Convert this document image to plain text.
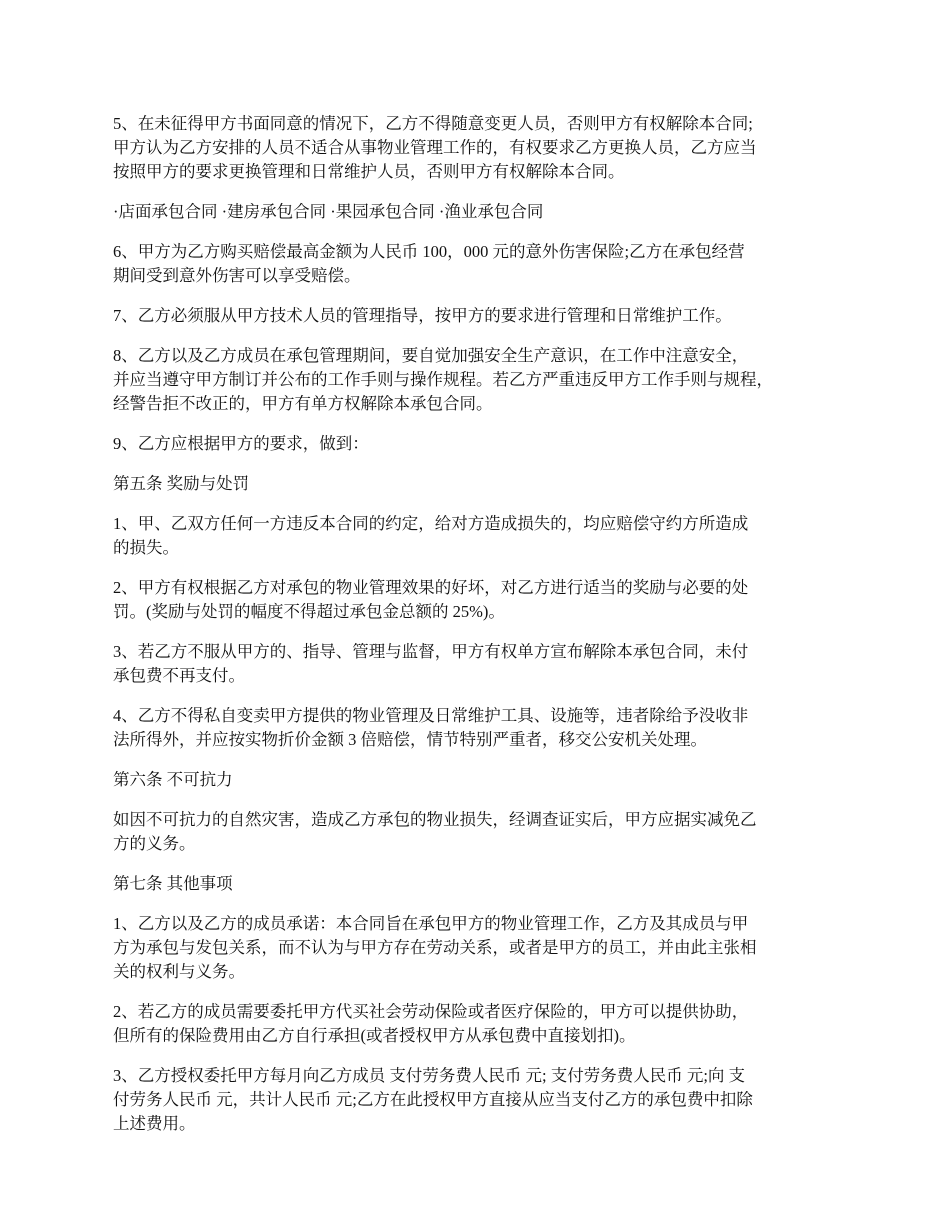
5、在未征得甲方书面同意的情况下，乙方不得随意变更人员，否则甲方有权解除本合同;
甲方认为乙方安排的人员不适合从事物业管理工作的，有权要求乙方更换人员，乙方应当
按照甲方的要求更换管理和日常维护人员，否则甲方有权解除本合同。

·店面承包合同 ·建房承包合同 ·果园承包合同 ·渔业承包合同

6、甲方为乙方购买赔偿最高金额为人民币 100，000 元的意外伤害保险;乙方在承包经营
期间受到意外伤害可以享受赔偿。

7、乙方必须服从甲方技术人员的管理指导，按甲方的要求进行管理和日常维护工作。

8、乙方以及乙方成员在承包管理期间，要自觉加强安全生产意识，在工作中注意安全，
并应当遵守甲方制订并公布的工作手则与操作规程。若乙方严重违反甲方工作手则与规程，
经警告拒不改正的，甲方有单方权解除本承包合同。

9、乙方应根据甲方的要求，做到：

第五条 奖励与处罚

1、甲、乙双方任何一方违反本合同的约定，给对方造成损失的，均应赔偿守约方所造成
的损失。

2、甲方有权根据乙方对承包的物业管理效果的好坏，对乙方进行适当的奖励与必要的处
罚。(奖励与处罚的幅度不得超过承包金总额的 25%)。

3、若乙方不服从甲方的、指导、管理与监督，甲方有权单方宣布解除本承包合同，未付
承包费不再支付。

4、乙方不得私自变卖甲方提供的物业管理及日常维护工具、设施等，违者除给予没收非
法所得外，并应按实物折价金额 3 倍赔偿，情节特别严重者，移交公安机关处理。

第六条 不可抗力

如因不可抗力的自然灾害，造成乙方承包的物业损失，经调查证实后，甲方应据实减免乙
方的义务。

第七条 其他事项

1、乙方以及乙方的成员承诺：本合同旨在承包甲方的物业管理工作，乙方及其成员与甲
方为承包与发包关系，而不认为与甲方存在劳动关系，或者是甲方的员工，并由此主张相
关的权利与义务。

2、若乙方的成员需要委托甲方代买社会劳动保险或者医疗保险的，甲方可以提供协助，
但所有的保险费用由乙方自行承担(或者授权甲方从承包费中直接划扣)。

3、乙方授权委托甲方每月向乙方成员 支付劳务费人民币 元; 支付劳务费人民币 元;向 支
付劳务人民币 元，共计人民币 元;乙方在此授权甲方直接从应当支付乙方的承包费中扣除
上述费用。
